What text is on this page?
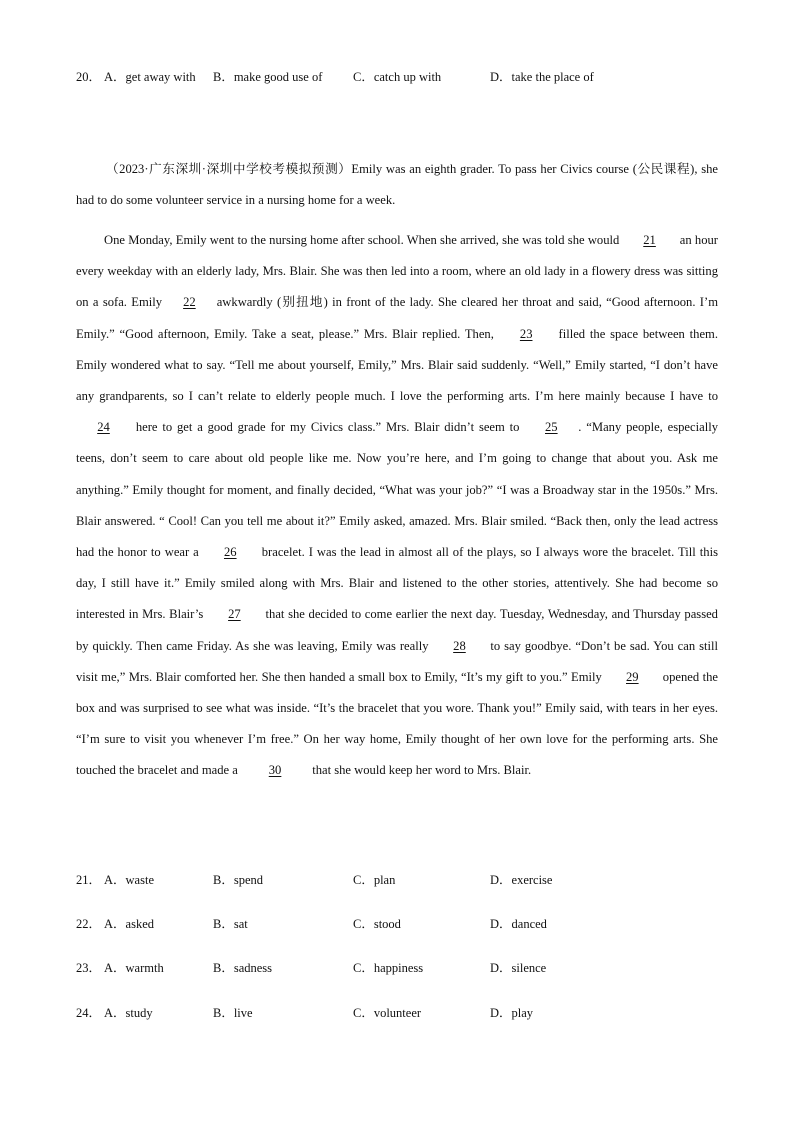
20．

A．get away with

B．make good use of

C．catch up with

	D．take the place of

（2023·广东深圳·深圳中学校考模拟预测）Emily was an eighth grader. To pass her Civics course (公民课程), she had to do some volunteer service in a nursing home for a week.
One Monday, Emily went to the nursing home after school. When she arrived, she was told she would 21 an hour every weekday with an elderly lady, Mrs. Blair. She was then led into a room, where an old lady in a flowery dress was sitting on a sofa. Emily 22 awkwardly (别扭地) in front of the lady. She cleared her throat and said, “Good afternoon. I’m Emily.” “Good afternoon, Emily. Take a seat, please.” Mrs. Blair replied. Then, 23 filled the space between them. Emily wondered what to say. “Tell me about yourself, Emily,” Mrs. Blair said suddenly. “Well,” Emily started, “I don’t have any grandparents, so I can’t relate to elderly people much. I love the performing arts. I’m here mainly because I have to 24 here to get a good grade for my Civics class.” Mrs. Blair didn’t seem to 25 . “Many people, especially teens, don’t seem to care about old people like me. Now you’re here, and I’m going to change that about you. Ask me anything.” Emily thought for moment, and finally decided, “What was your job?” “I was a Broadway star in the 1950s.” Mrs. Blair answered. “ Cool! Can you tell me about it?” Emily asked, amazed. Mrs. Blair smiled. “Back then, only the lead actress had the honor to wear a 26 bracelet. I was the lead in almost all of the plays, so I always wore the bracelet. Till this day, I still have it.” Emily smiled along with Mrs. Blair and listened to the other stories, attentively. She had become so interested in Mrs. Blair’s 27 that she decided to come earlier the next day. Tuesday, Wednesday, and Thursday passed by quickly. Then came Friday. As she was leaving, Emily was really 28 to say goodbye. “Don’t be sad. You can still visit me,” Mrs. Blair comforted her. She then handed a small box to Emily, “It’s my gift to you.” Emily 29 opened the box and was surprised to see what was inside. “It’s the bracelet that you wore. Thank you!” Emily said, with tears in her eyes. “I’m sure to visit you whenever I’m free.” On her way home, Emily thought of her own love for the performing arts. She touched the bracelet and made a 30 that she would keep her word to Mrs. Blair.
21． A．waste	B．spend	C．plan	D．exercise
22． A．asked	B．sat	C．stood	D．danced
23． A．warmth	B．sadness	C．happiness	D．silence
24． A．study	B．live	C．volunteer	D．play
